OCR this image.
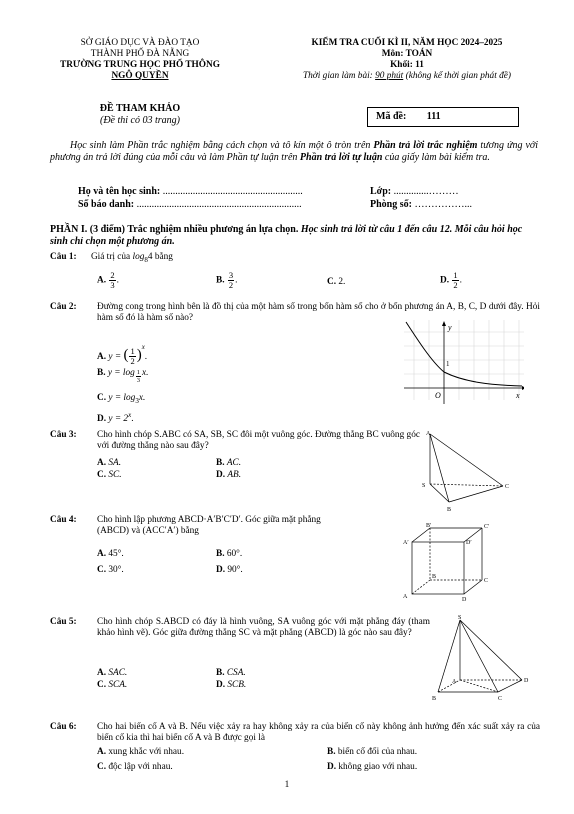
SỞ GIÁO DỤC VÀ ĐÀO TẠO
THÀNH PHỐ ĐÀ NẴNG
TRƯỜNG TRUNG HỌC PHỔ THÔNG
NGÔ QUYỀN
KIỂM TRA CUỐI KÌ II, NĂM HỌC 2024–2025
Môn: TOÁN
Khối: 11
Thời gian làm bài: 90 phút (không kể thời gian phát đề)
ĐỀ THAM KHẢO
(Đề thi có 03 trang)	Mã đề: 111
Học sinh làm Phần trắc nghiệm bằng cách chọn và tô kín một ô tròn trên Phần trả lời trắc nghiệm tương ứng với phương án trả lời đúng của mỗi câu và làm Phần tự luận trên Phần trả lời tự luận của giấy làm bài kiểm tra.
Họ và tên học sinh: ........................................................	Lớp: ..............………
Số báo danh: ..................................................................	Phòng số: ……………...
PHẦN I. (3 điểm) Trắc nghiệm nhiều phương án lựa chọn. Học sinh trả lời từ câu 1 đến câu 12. Mỗi câu hỏi học sinh chỉ chọn một phương án.
Câu 1: Giá trị của $\log_84$ bằng
A. $\frac{2}{3}$ .	B. $\frac{3}{2}$ .	C. 2.	D. $\frac{1}{2}$ .
Câu 2: Đường cong trong hình bên là đồ thị của một hàm số trong bốn hàm số cho ở bốn phương án A, B, C, D dưới đây. Hỏi hàm số đó là hàm số nào?
A. y = ( $\frac{1}{2} )^x$.
B. $y = \log \frac{1}{3} x$.
C. $y = \log_3x$.
D. $y = 2^x$.
y
x
O
1
Câu 3: Cho hình chóp S.ABC có SA, SB, SC đôi một vuông góc. Đường thẳng BC vuông góc với đường thẳng nào sau đây?
A. SA.	B. AC.
C. SC.	D. AB.
A
S	C
B
Câu 4: Cho hình lập phương ABCD·A′B′C′D′. Góc giữa mặt phẳng
(ABCD) và (ACC′A′) bằng
A. 45°.	B. 60°.
C. 30°.	D. 90°.
A′
B′	C′
D′
A
B
C
D
Câu 5: Cho hình chóp S.ABCD có đáy là hình vuông, SA vuông góc với mặt phẳng đáy (tham khảo hình vẽ). Góc giữa đường thẳng SC và mặt phẳng (ABCD) là góc nào sau đây?
A. SAC.	B. CSA.
C. SCA.	D. SCB.
S
A
B	C
D
Câu 6: Cho hai biến cố A và B. Nếu việc xảy ra hay không xảy ra của biến cố này không ảnh hưởng đến xác suất xảy ra của biến cố kia thì hai biến cố A và B được gọi là
A. xung khắc với nhau.	B. biến cố đối của nhau.
C. độc lập với nhau.	D. không giao với nhau.
1
